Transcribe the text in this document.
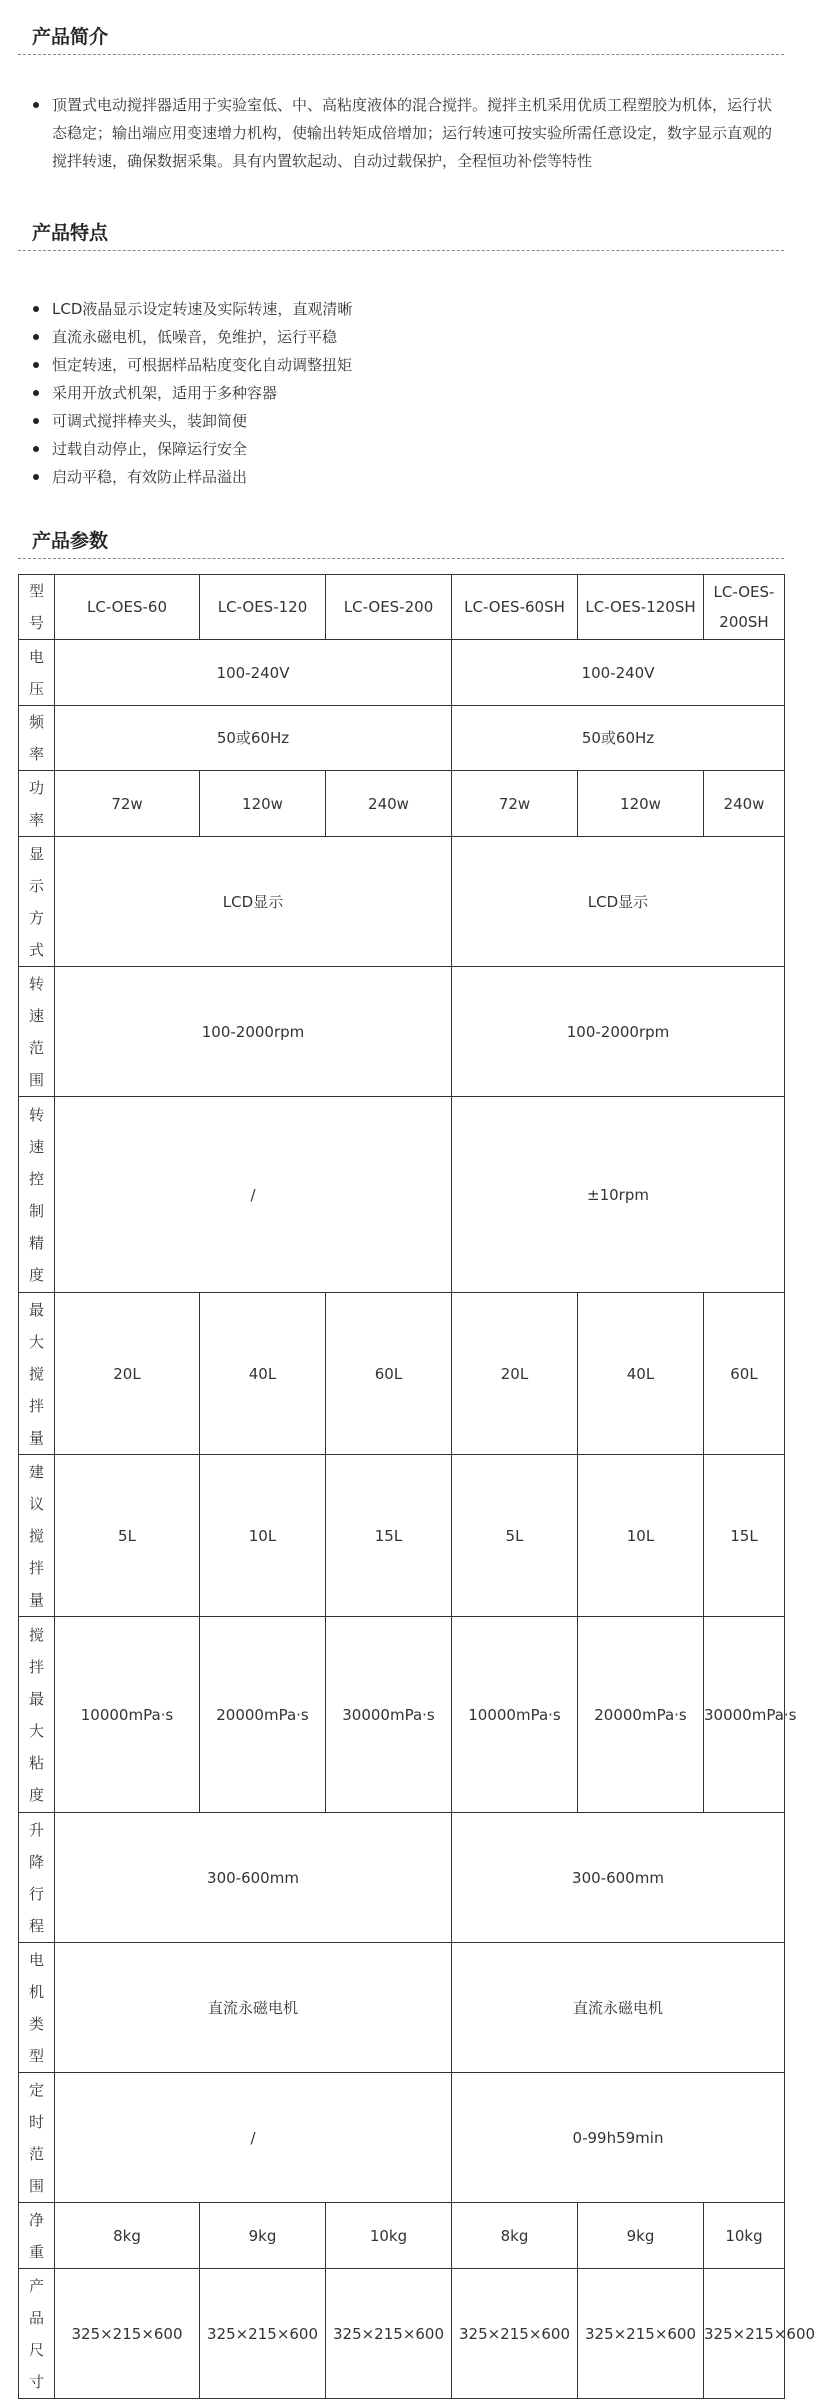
产品简介
顶置式电动搅拌器适用于实验室低、中、高粘度液体的混合搅拌。搅拌主机采用优质工程塑胶为机体，运行状态稳定；输出端应用变速增力机构，使输出转矩成倍增加；运行转速可按实验所需任意设定，数字显示直观的搅拌转速，确保数据采集。具有内置软起动、自动过载保护，全程恒功补偿等特性
产品特点
LCD液晶显示设定转速及实际转速，直观清晰
直流永磁电机，低噪音，免维护，运行平稳
恒定转速，可根据样品粘度变化自动调整扭矩
采用开放式机架，适用于多种容器
可调式搅拌棒夹头，装卸简便
过载自动停止，保障运行安全
启动平稳，有效防止样品溢出
产品参数
型号	LC-OES-60	LC-OES-120	LC-OES-200	LC-OES-60SH	LC-OES-120SH	LC-OES-200SH
电压	100-240V			100-240V		
频率	50或60Hz			50或60Hz		
功率	72w	120w	240w	72w	120w	240w
显示方式	LCD显示			LCD显示		
转速范围	100-2000rpm			100-2000rpm		
转速控制精度	/			±10rpm		
最大搅拌量	20L	40L	60L	20L	40L	60L
建议搅拌量	5L	10L	15L	5L	10L	15L
搅拌最大粘度	10000mPa·s	20000mPa·s	30000mPa·s	10000mPa·s	20000mPa·s	30000mPa·s
升降行程	300-600mm			300-600mm		
电机类型	直流永磁电机			直流永磁电机		
定时范围	/			0-99h59min		
净重	8kg	9kg	10kg	8kg	9kg	10kg
产品尺寸	325×215×600	325×215×600	325×215×600	325×215×600	325×215×600	325×215×600
